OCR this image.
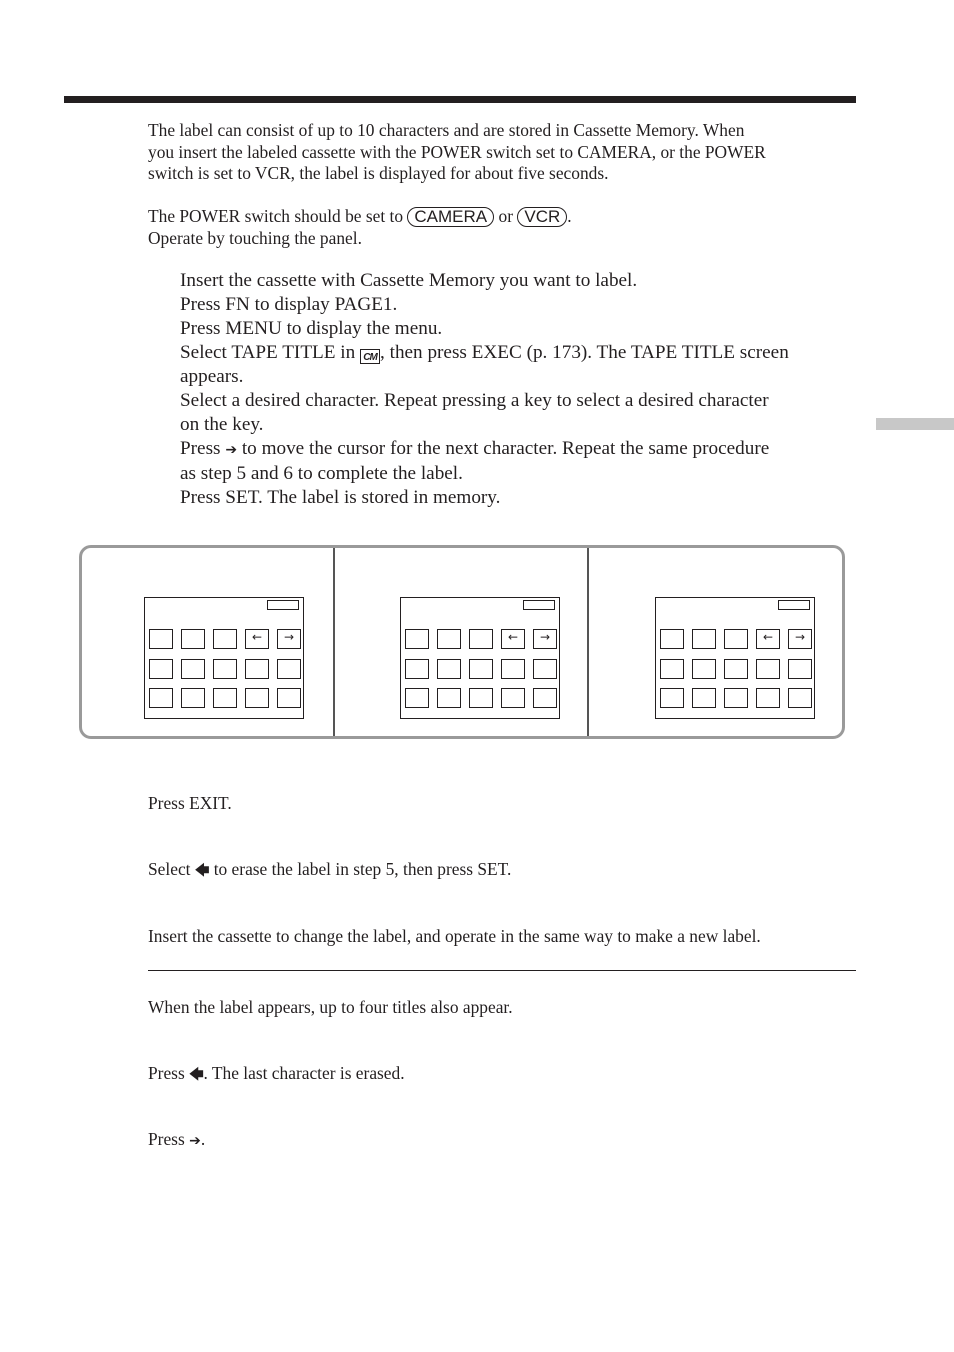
The label can consist of up to 10 characters and are stored in Cassette Memory. When

you insert the labeled cassette with the POWER switch set to CAMERA, or the POWER

switch is set to VCR, the label is displayed for about five seconds.

The POWER switch should be set to CAMERA or VCR .
Operate by touching the panel.
Insert the cassette with Cassette Memory you want to label.
Press FN to display PAGE1.
Press MENU to display the menu.
Select TAPE TITLE in CM , then press EXEC (p. 173). The TAPE TITLE screen
appears.
Select a desired character. Repeat pressing a key to select a desired character
on the key.
Press ➔ to move the cursor for the next character. Repeat the same procedure
as step 5 and 6 to complete the label.
Press SET. The label is stored in memory.
←	→	←	→	←	→
Press EXIT.
Select 🡄 to erase the label in step 5, then press SET.
Insert the cassette to change the label, and operate in the same way to make a new label.
When the label appears, up to four titles also appear.
Press 🡄. The last character is erased.
Press ➔.
